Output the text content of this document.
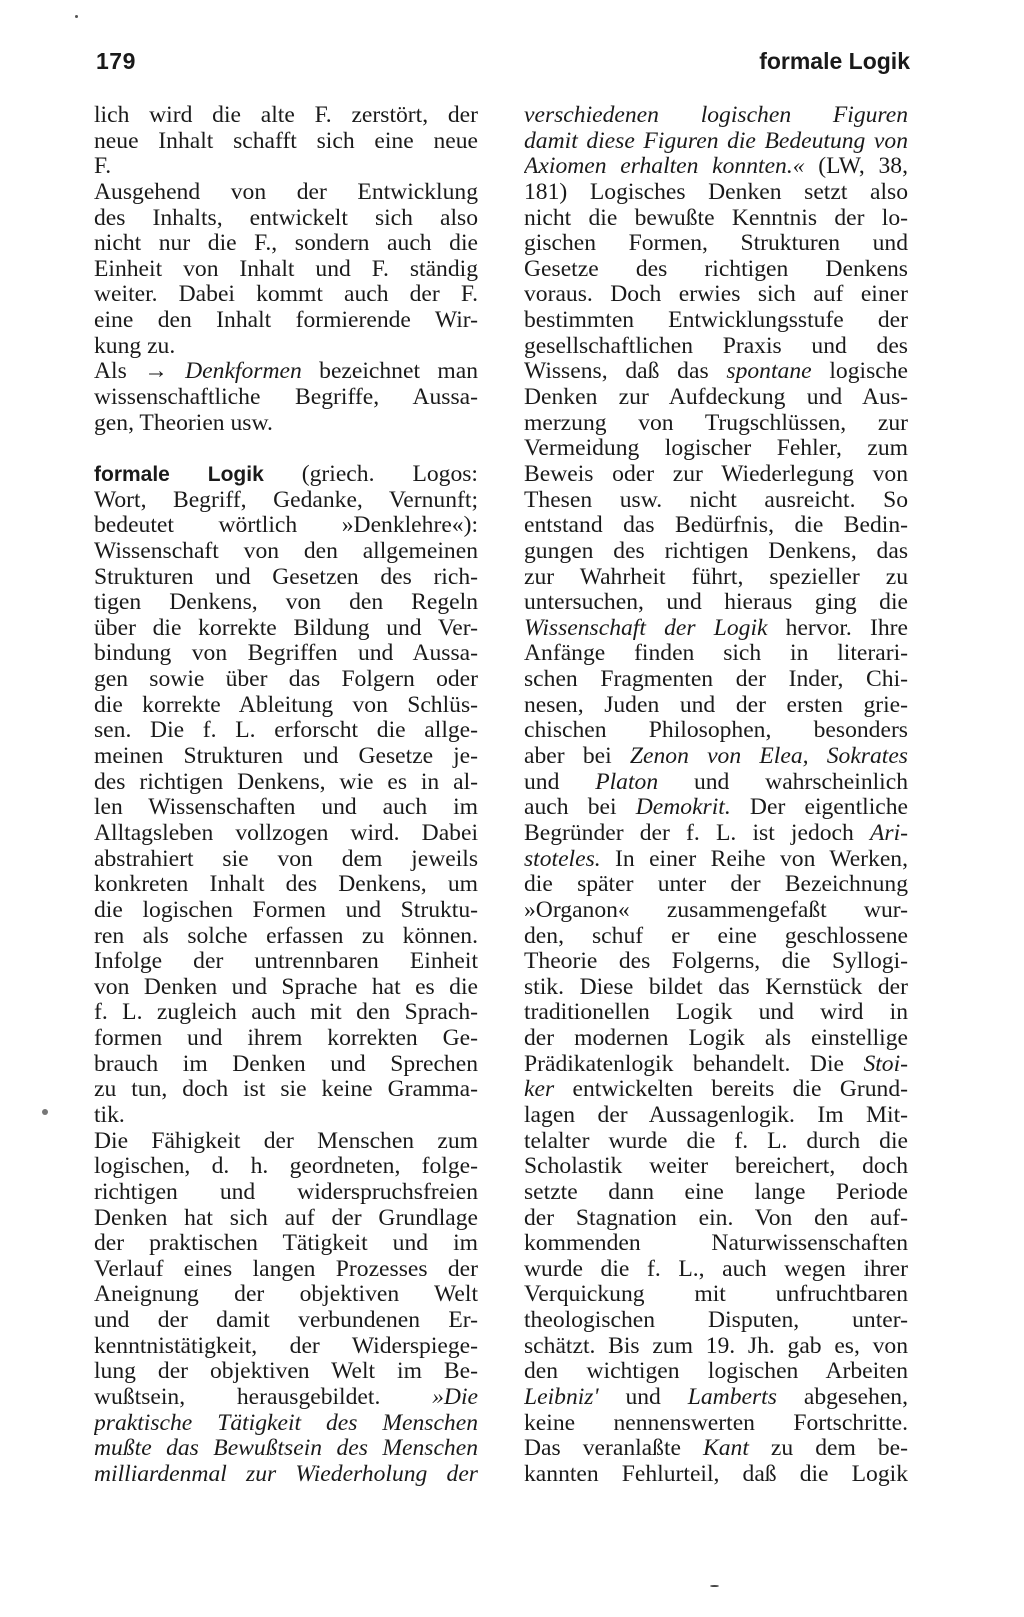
179	formale Logik
lich wird die alte F. zerstört, der
neue Inhalt schafft sich eine neue
F.
Ausgehend von der Entwicklung
des Inhalts, entwickelt sich also
nicht nur die F., sondern auch die
Einheit von Inhalt und F. ständig
weiter. Dabei kommt auch der F.
eine den Inhalt formierende Wir-
kung zu.
Als → Denkformen bezeichnet man
wissenschaftliche Begriffe, Aussa-
gen, Theorien usw.
formale Logik (griech. Logos:
Wort, Begriff, Gedanke, Vernunft;
bedeutet wörtlich »Denklehre«):
Wissenschaft von den allgemeinen
Strukturen und Gesetzen des rich-
tigen Denkens, von den Regeln
über die korrekte Bildung und Ver-
bindung von Begriffen und Aussa-
gen sowie über das Folgern oder
die korrekte Ableitung von Schlüs-
sen. Die f. L. erforscht die allge-
meinen Strukturen und Gesetze je-
des richtigen Denkens, wie es in al-
len Wissenschaften und auch im
Alltagsleben vollzogen wird. Dabei
abstrahiert sie von dem jeweils
konkreten Inhalt des Denkens, um
die logischen Formen und Struktu-
ren als solche erfassen zu können.
Infolge der untrennbaren Einheit
von Denken und Sprache hat es die
f. L. zugleich auch mit den Sprach-
formen und ihrem korrekten Ge-
brauch im Denken und Sprechen
zu tun, doch ist sie keine Gramma-
tik.
Die Fähigkeit der Menschen zum
logischen, d. h. geordneten, folge-
richtigen und widerspruchsfreien
Denken hat sich auf der Grundlage
der praktischen Tätigkeit und im
Verlauf eines langen Prozesses der
Aneignung der objektiven Welt
und der damit verbundenen Er-
kenntnistätigkeit, der Widerspiege-
lung der objektiven Welt im Be-
wußtsein, herausgebildet. »Die
praktische Tätigkeit des Menschen
mußte das Bewußtsein des Menschen
milliardenmal zur Wiederholung der
verschiedenen logischen Figuren
damit diese Figuren die Bedeutung von
Axiomen erhalten konnten.« (LW, 38,
181) Logisches Denken setzt also
nicht die bewußte Kenntnis der lo-
gischen Formen, Strukturen und
Gesetze des richtigen Denkens
voraus. Doch erwies sich auf einer
bestimmten Entwicklungsstufe der
gesellschaftlichen Praxis und des
Wissens, daß das spontane logische
Denken zur Aufdeckung und Aus-
merzung von Trugschlüssen, zur
Vermeidung logischer Fehler, zum
Beweis oder zur Wiederlegung von
Thesen usw. nicht ausreicht. So
entstand das Bedürfnis, die Bedin-
gungen des richtigen Denkens, das
zur Wahrheit führt, spezieller zu
untersuchen, und hieraus ging die
Wissenschaft der Logik hervor. Ihre
Anfänge finden sich in literari-
schen Fragmenten der Inder, Chi-
nesen, Juden und der ersten grie-
chischen Philosophen, besonders
aber bei Zenon von Elea, Sokrates
und Platon und wahrscheinlich
auch bei Demokrit. Der eigentliche
Begründer der f. L. ist jedoch Ari-
stoteles. In einer Reihe von Werken,
die später unter der Bezeichnung
»Organon« zusammengefaßt wur-
den, schuf er eine geschlossene
Theorie des Folgerns, die Syllogi-
stik. Diese bildet das Kernstück der
traditionellen Logik und wird in
der modernen Logik als einstellige
Prädikatenlogik behandelt. Die Stoi-
ker entwickelten bereits die Grund-
lagen der Aussagenlogik. Im Mit-
telalter wurde die f. L. durch die
Scholastik weiter bereichert, doch
setzte dann eine lange Periode
der Stagnation ein. Von den auf-
kommenden Naturwissenschaften
wurde die f. L., auch wegen ihrer
Verquickung mit unfruchtbaren
theologischen Disputen, unter-
schätzt. Bis zum 19. Jh. gab es, von
den wichtigen logischen Arbeiten
Leibniz' und Lamberts abgesehen,
keine nennenswerten Fortschritte.
Das veranlaßte Kant zu dem be-
kannten Fehlurteil, daß die Logik
